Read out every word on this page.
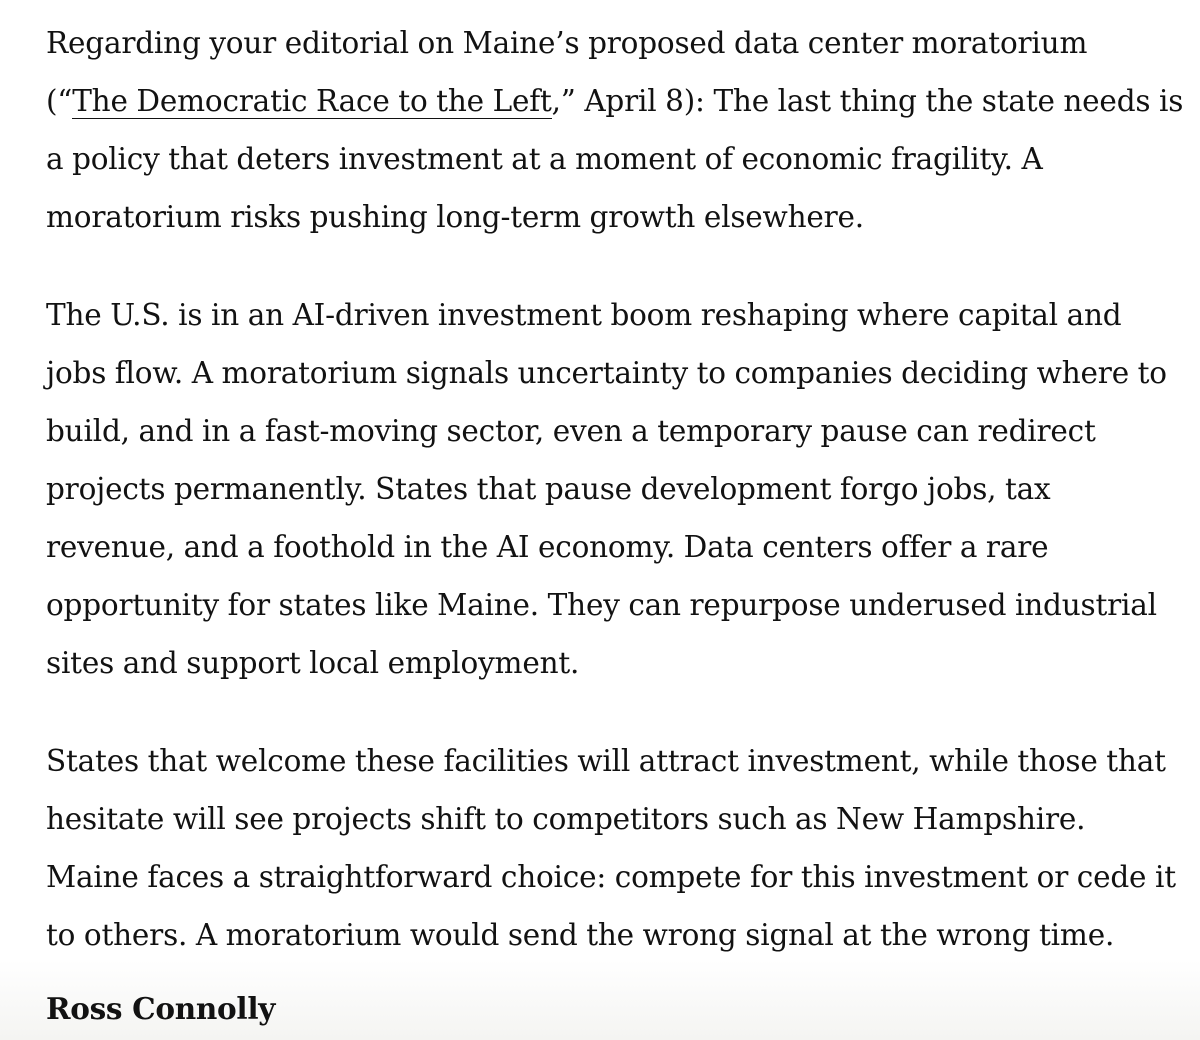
Regarding your editorial on Maine’s proposed data center moratorium
(“The Democratic Race to the Left,” April 8): The last thing the state needs is
a policy that deters investment at a moment of economic fragility. A
moratorium risks pushing long-term growth elsewhere.

The U.S. is in an AI-driven investment boom reshaping where capital and
jobs flow. A moratorium signals uncertainty to companies deciding where to
build, and in a fast-moving sector, even a temporary pause can redirect
projects permanently. States that pause development forgo jobs, tax
revenue, and a foothold in the AI economy. Data centers offer a rare
opportunity for states like Maine. They can repurpose underused industrial
sites and support local employment.

States that welcome these facilities will attract investment, while those that
hesitate will see projects shift to competitors such as New Hampshire.
Maine faces a straightforward choice: compete for this investment or cede it
to others. A moratorium would send the wrong signal at the wrong time.

Ross Connolly
